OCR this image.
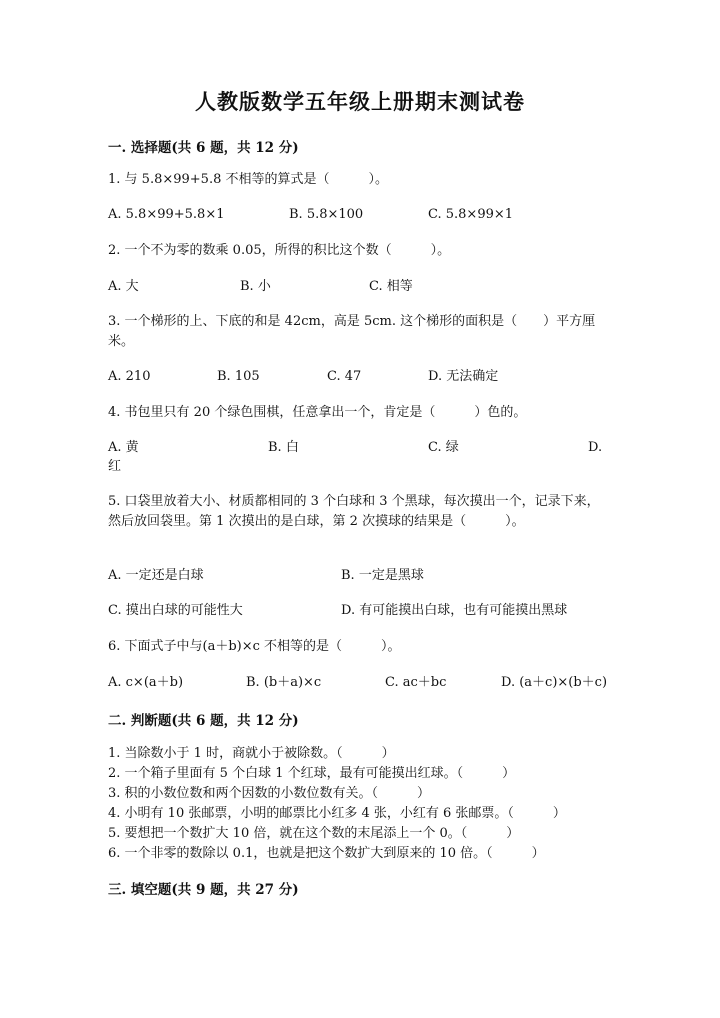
人教版数学五年级上册期末测试卷
一. 选择题(共 6 题，共 12 分)
1. 与 5.8×99+5.8 不相等的算式是（　　　）。
A. 5.8×99+5.8×1	B. 5.8×100	C. 5.8×99×1
2. 一个不为零的数乘 0.05，所得的积比这个数（　　　）。
A. 大	B. 小	C. 相等
3. 一个梯形的上、下底的和是 42cm，高是 5cm. 这个梯形的面积是（　　）平方厘米。
A. 210	B. 105	C. 47	D. 无法确定
4. 书包里只有 20 个绿色围棋，任意拿出一个，肯定是（　　　）色的。
A. 黄	B. 白	C. 绿	D.
红
5. 口袋里放着大小、材质都相同的 3 个白球和 3 个黑球，每次摸出一个，记录下来，然后放回袋里。第 1 次摸出的是白球，第 2 次摸球的结果是（　　　）。
A. 一定还是白球	B. 一定是黑球
C. 摸出白球的可能性大	D. 有可能摸出白球，也有可能摸出黑球
6. 下面式子中与(a＋b)×c 不相等的是（　　　）。
A. c×(a＋b)	B. (b＋a)×c	C. ac＋bc	D. (a＋c)×(b＋c)
二. 判断题(共 6 题，共 12 分)
1. 当除数小于 1 时，商就小于被除数。（　　　）
2. 一个箱子里面有 5 个白球 1 个红球，最有可能摸出红球。（　　　）
3. 积的小数位数和两个因数的小数位数有关。（　　　）
4. 小明有 10 张邮票，小明的邮票比小红多 4 张，小红有 6 张邮票。（　　　）
5. 要想把一个数扩大 10 倍，就在这个数的末尾添上一个 0。（　　　）
6. 一个非零的数除以 0.1，也就是把这个数扩大到原来的 10 倍。（　　　）
三. 填空题(共 9 题，共 27 分)
